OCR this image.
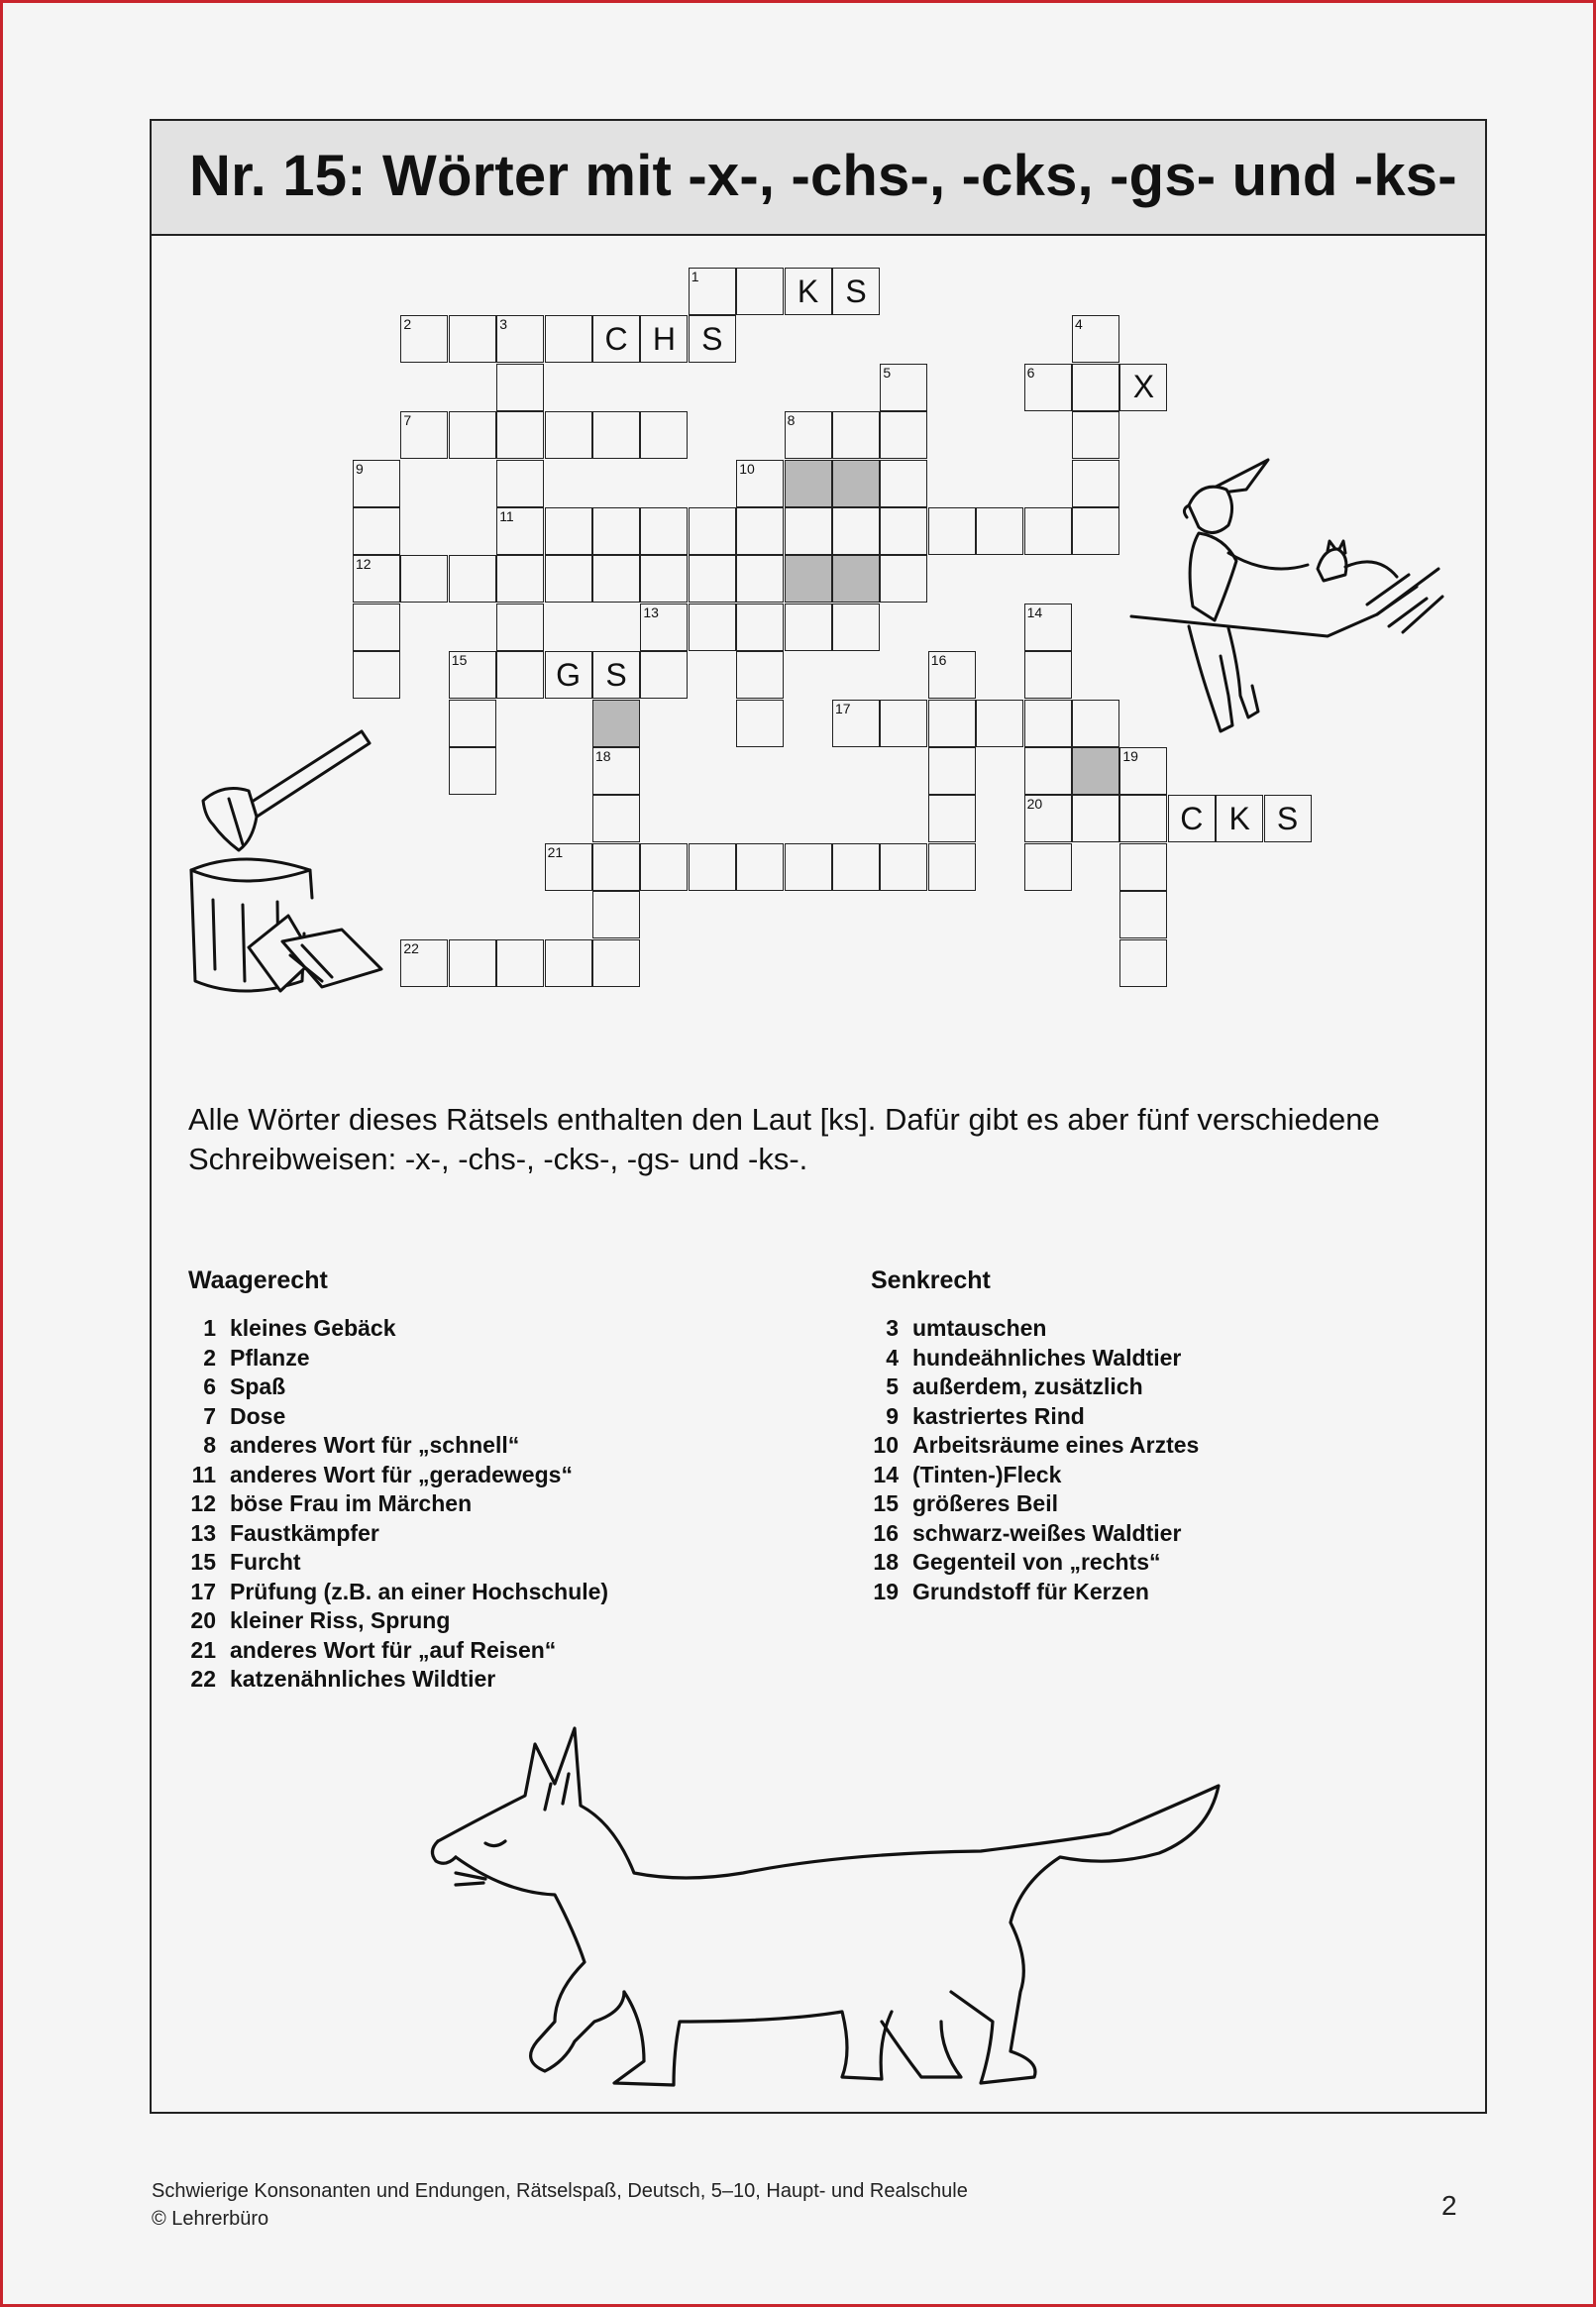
Nr. 15: Wörter mit -x-, -chs-, -cks, -gs- und -ks-
1	K S
2	3	C H S	4
5	6	X
7	8
9	10
11
12
13	14
15	G S	16
17
18	19
20	C K S
21
22
Alle Wörter dieses Rätsels enthalten den Laut [ks]. Dafür gibt es aber fünf verschiedene Schreibweisen: -x-, -chs-, -cks-, -gs- und -ks-.
Waagerecht
1 kleines Gebäck
2 Pflanze
6 Spaß
7 Dose
8 anderes Wort für „schnell“
11 anderes Wort für „geradewegs“
12 böse Frau im Märchen
13 Faustkämpfer
15 Furcht
17 Prüfung (z.B. an einer Hochschule)
20 kleiner Riss, Sprung
21 anderes Wort für „auf Reisen“
22 katzenähnliches Wildtier
Senkrecht
3 umtauschen
4 hundeähnliches Waldtier
5 außerdem, zusätzlich
9 kastriertes Rind
10 Arbeitsräume eines Arztes
14 (Tinten-)Fleck
15 größeres Beil
16 schwarz-weißes Waldtier
18 Gegenteil von „rechts“
19 Grundstoff für Kerzen
Schwierige Konsonanten und Endungen, Rätselspaß, Deutsch, 5–10, Haupt- und Realschule
© Lehrerbüro	2
